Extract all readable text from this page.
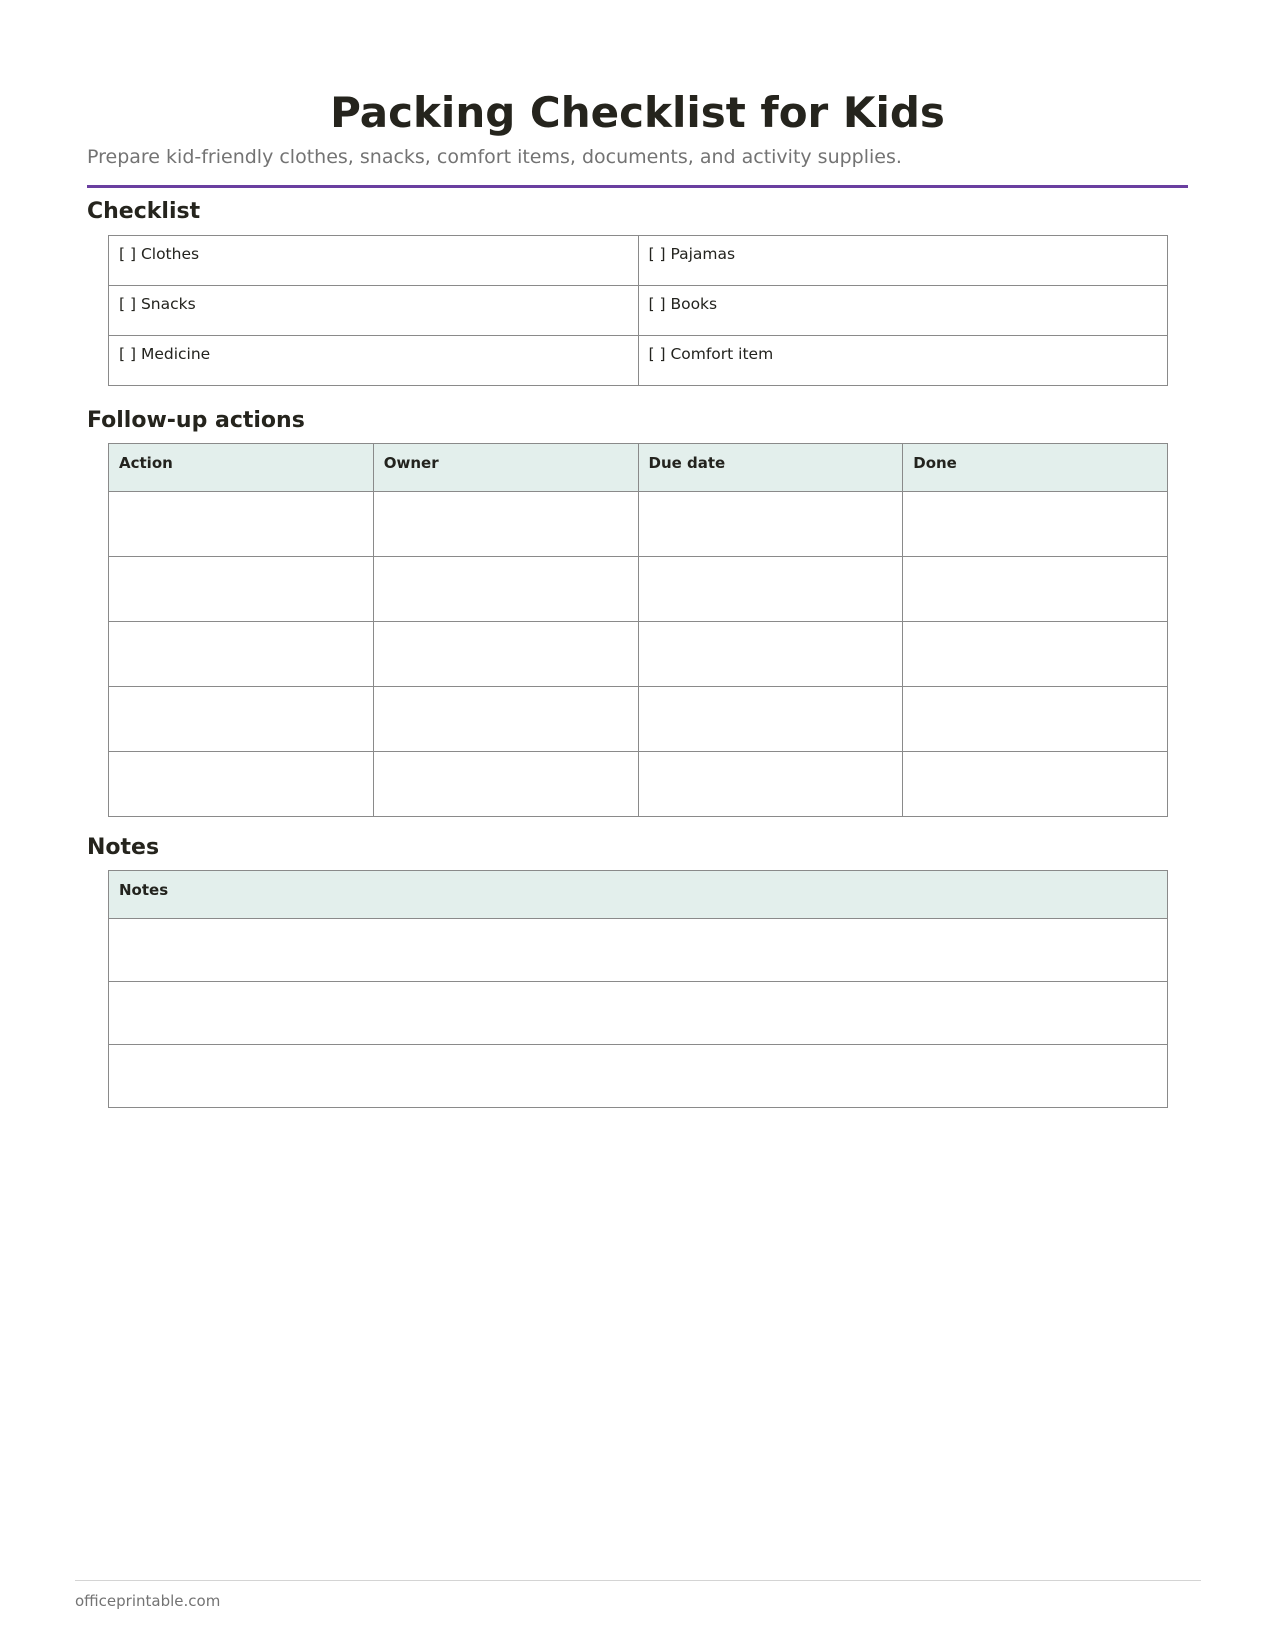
Packing Checklist for Kids

Prepare kid-friendly clothes, snacks, comfort items, documents, and activity supplies.

Checklist
[ ] Clothes	[ ] Pajamas
[ ] Snacks	[ ] Books
[ ] Medicine	[ ] Comfort item
Follow-up actions
Action	Owner	Due date	Done

Notes
Notes

officeprintable.com
